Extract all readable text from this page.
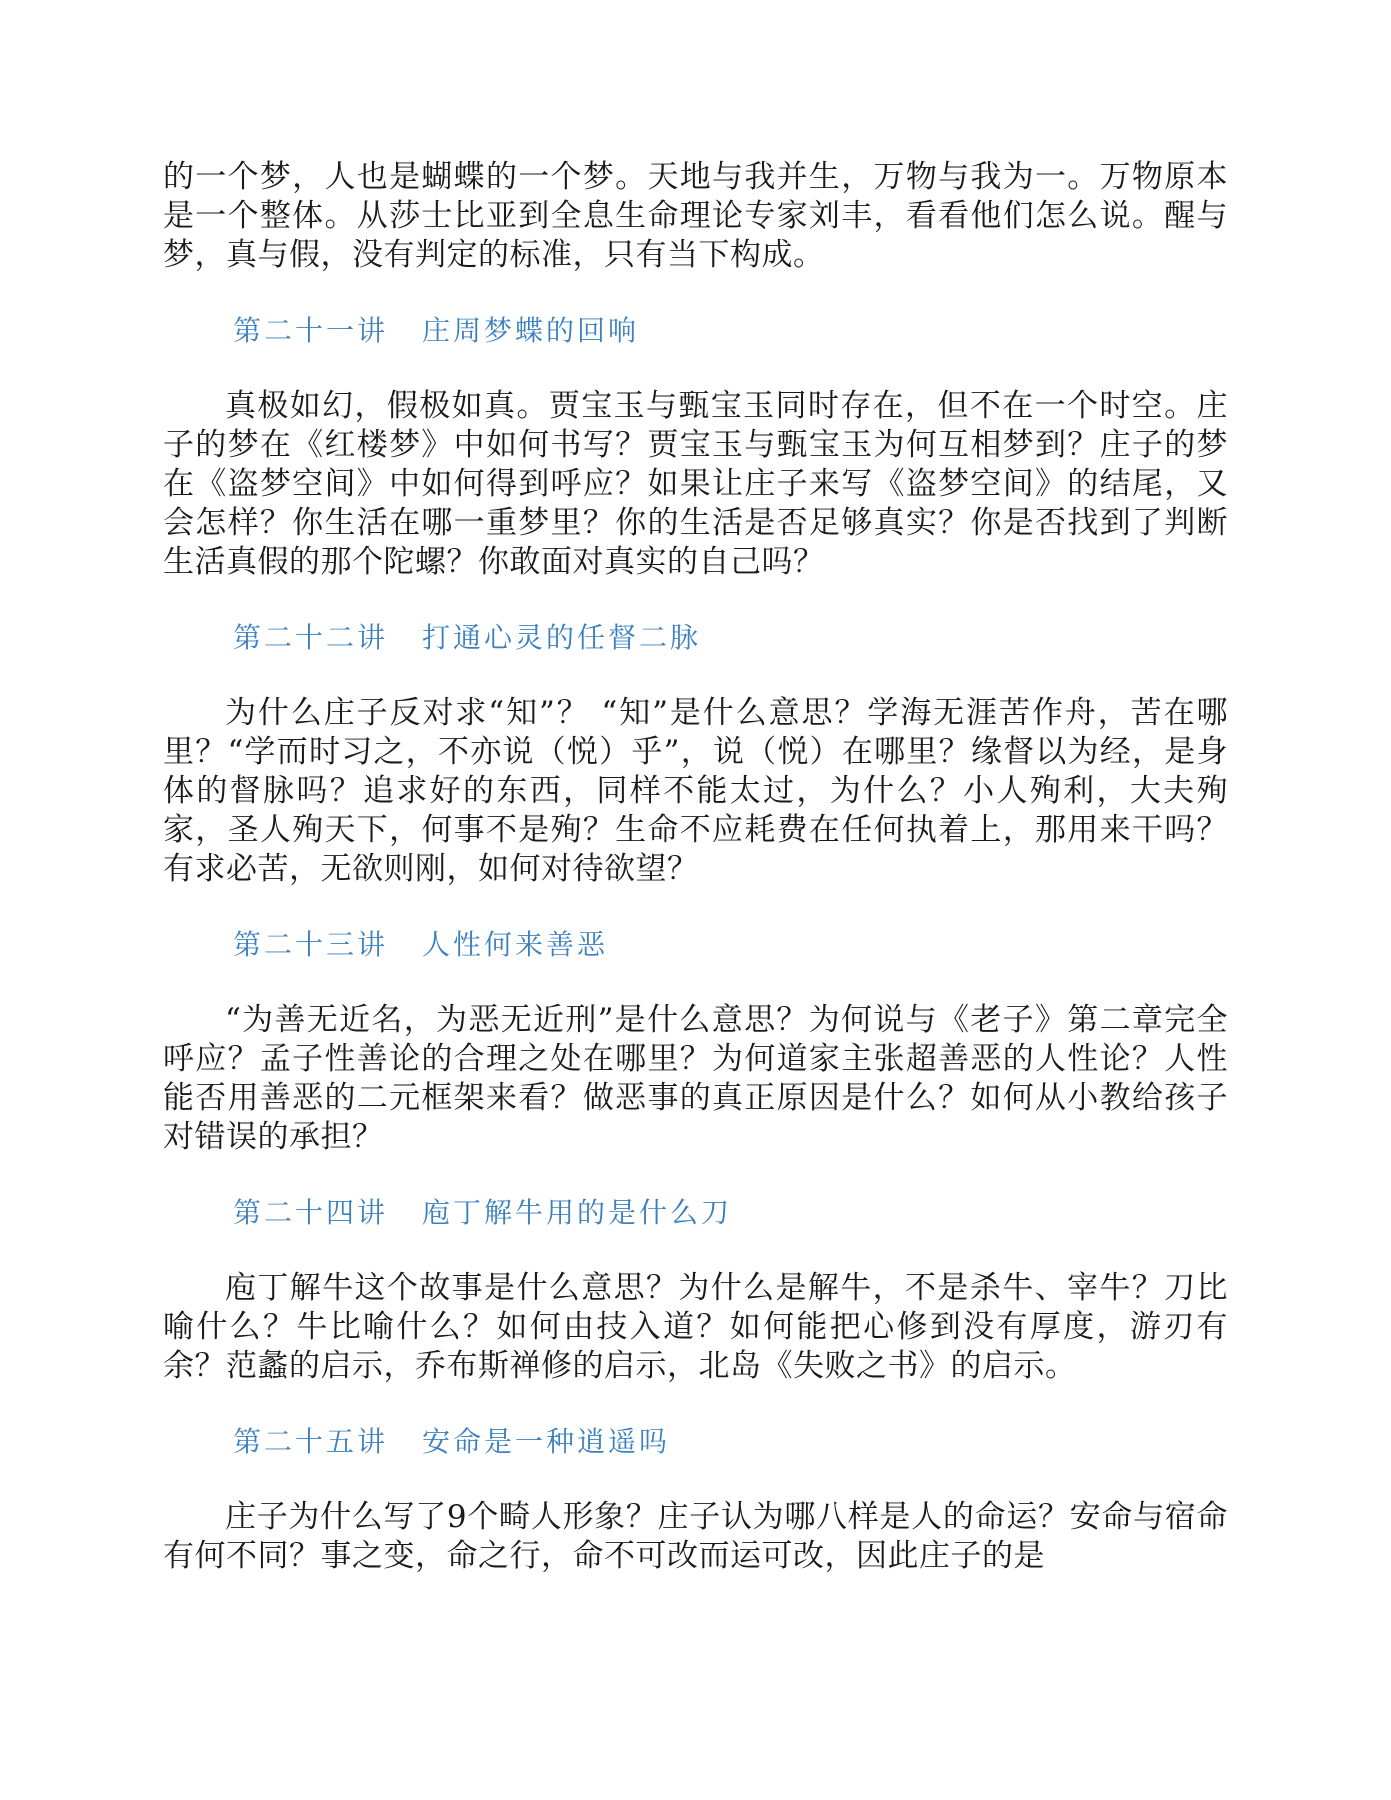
的一个梦，人也是蝴蝶的一个梦。天地与我并生，万物与我为一。万物原本是一个整体。从莎士比亚到全息生命理论专家刘丰，看看他们怎么说。醒与梦，真与假，没有判定的标准，只有当下构成。

第二十一讲 庄周梦蝶的回响

真极如幻，假极如真。贾宝玉与甄宝玉同时存在，但不在一个时空。庄子的梦在《红楼梦》中如何书写？贾宝玉与甄宝玉为何互相梦到？庄子的梦在《盗梦空间》中如何得到呼应？如果让庄子来写《盗梦空间》的结尾，又会怎样？你生活在哪一重梦里？你的生活是否足够真实？你是否找到了判断生活真假的那个陀螺？你敢面对真实的自己吗？

第二十二讲 打通心灵的任督二脉

为什么庄子反对求“知”？ “知”是什么意思？学海无涯苦作舟，苦在哪里？“学而时习之，不亦说（悦）乎”，说（悦）在哪里？缘督以为经，是身体的督脉吗？追求好的东西，同样不能太过，为什么？小人殉利，大夫殉家，圣人殉天下，何事不是殉？生命不应耗费在任何执着上，那用来干吗？有求必苦，无欲则刚，如何对待欲望？

第二十三讲 人性何来善恶

“为善无近名，为恶无近刑”是什么意思？为何说与《老子》第二章完全呼应？孟子性善论的合理之处在哪里？为何道家主张超善恶的人性论？人性能否用善恶的二元框架来看？做恶事的真正原因是什么？如何从小教给孩子对错误的承担？

第二十四讲 庖丁解牛用的是什么刀

庖丁解牛这个故事是什么意思？为什么是解牛，不是杀牛、宰牛？刀比喻什么？牛比喻什么？如何由技入道？如何能把心修到没有厚度，游刃有余？范蠡的启示，乔布斯禅修的启示，北岛《失败之书》的启示。

第二十五讲 安命是一种逍遥吗

庄子为什么写了9个畸人形象？庄子认为哪八样是人的命运？安命与宿命有何不同？事之变，命之行，命不可改而运可改，因此庄子的是
